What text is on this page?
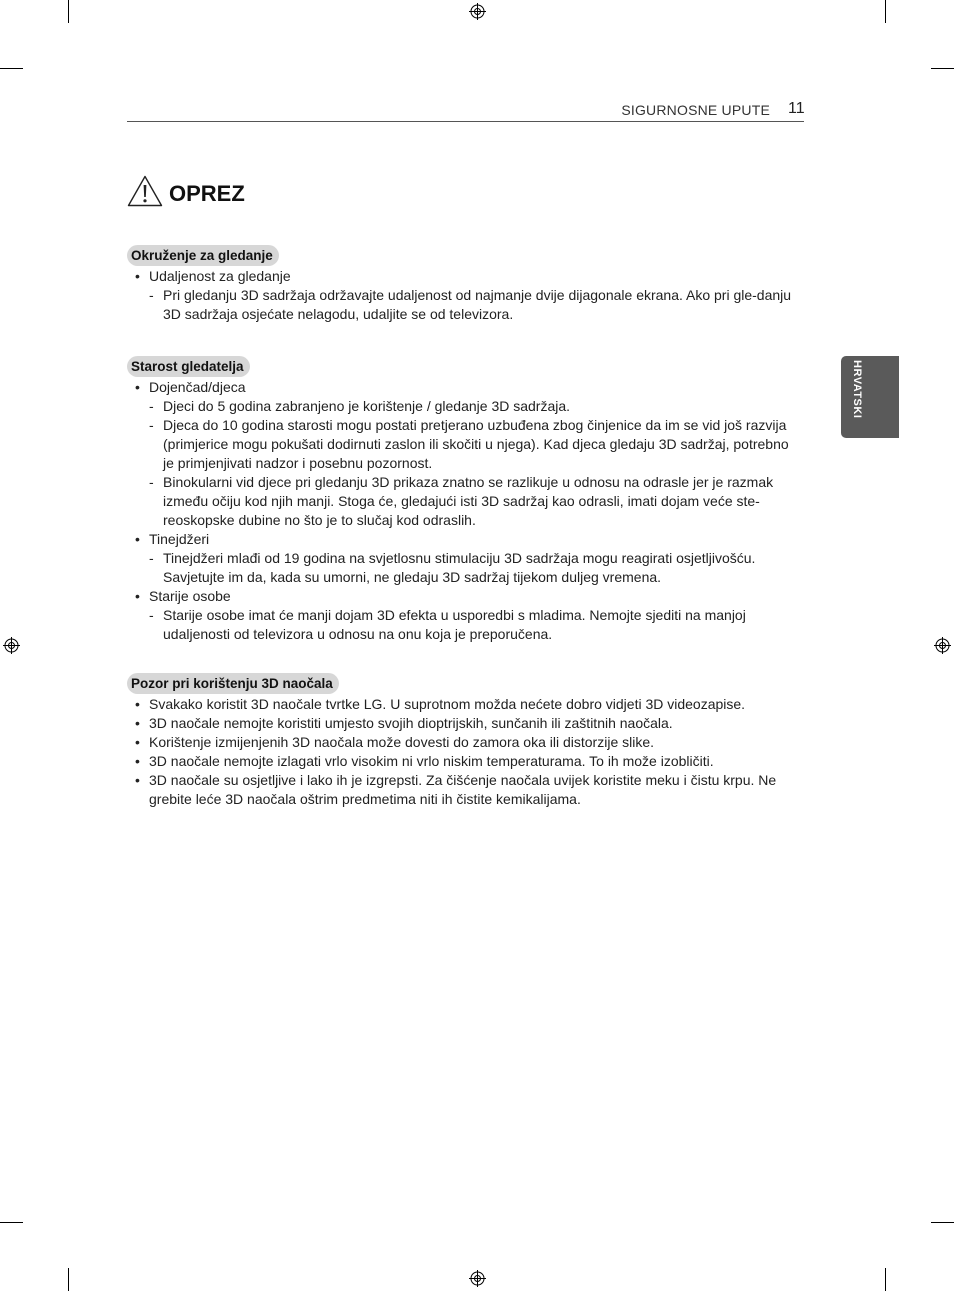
SIGURNOSNE UPUTE 11
HRVATSKI
OPREZ
Okruženje za gledanje
• Udaljenost za gledanje
- Pri gledanju 3D sadržaja održavajte udaljenost od najmanje dvije dijagonale ekrana. Ako pri gle-danju 3D sadržaja osjećate nelagodu, udaljite se od televizora.
Starost gledatelja
• Dojenčad/djeca
- Djeci do 5 godina zabranjeno je korištenje / gledanje 3D sadržaja.
- Djeca do 10 godina starosti mogu postati pretjerano uzbuđena zbog činjenice da im se vid još razvija (primjerice mogu pokušati dodirnuti zaslon ili skočiti u njega). Kad djeca gledaju 3D sadržaj, potrebno je primjenjivati nadzor i posebnu pozornost.
- Binokularni vid djece pri gledanju 3D prikaza znatno se razlikuje u odnosu na odrasle jer je razmak između očiju kod njih manji. Stoga će, gledajući isti 3D sadržaj kao odrasli, imati dojam veće ste-reoskopske dubine no što je to slučaj kod odraslih.
• Tinejdžeri
- Tinejdžeri mlađi od 19 godina na svjetlosnu stimulaciju 3D sadržaja mogu reagirati osjetljivošću. Savjetujte im da, kada su umorni, ne gledaju 3D sadržaj tijekom duljeg vremena.
• Starije osobe
- Starije osobe imat će manji dojam 3D efekta u usporedbi s mladima. Nemojte sjediti na manjoj udaljenosti od televizora u odnosu na onu koja je preporučena.
Pozor pri korištenju 3D naočala
• Svakako koristit 3D naočale tvrtke LG. U suprotnom možda nećete dobro vidjeti 3D videozapise.
• 3D naočale nemojte koristiti umjesto svojih dioptrijskih, sunčanih ili zaštitnih naočala.
• Korištenje izmijenjenih 3D naočala može dovesti do zamora oka ili distorzije slike.
• 3D naočale nemojte izlagati vrlo visokim ni vrlo niskim temperaturama. To ih može izobličiti.
• 3D naočale su osjetljive i lako ih je izgrepsti. Za čišćenje naočala uvijek koristite meku i čistu krpu. Ne grebite leće 3D naočala oštrim predmetima niti ih čistite kemikalijama.
